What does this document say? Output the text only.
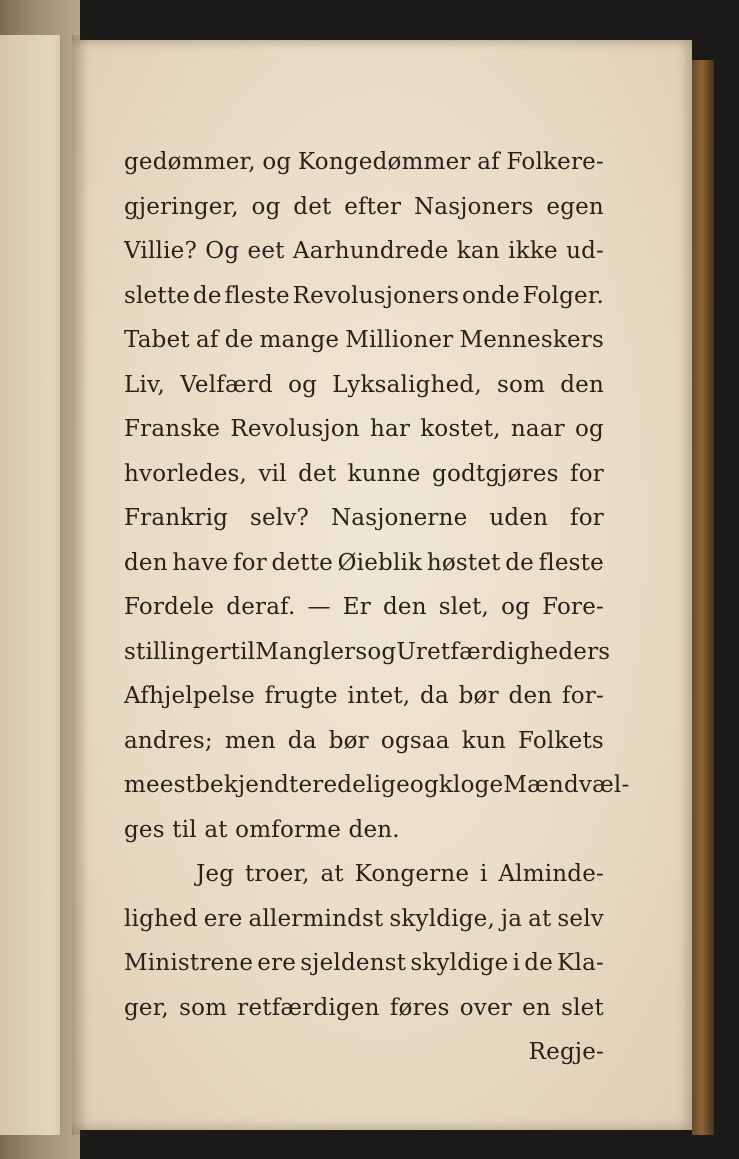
gedømmer, og Kongedømmer af Folkere-
gjeringer, og det efter Nasjoners egen
Villie? Og eet Aarhundrede kan ikke ud-
slette de fleste Revolusjoners onde Folger.
Tabet af de mange Millioner Menneskers
Liv, Velfærd og Lyksalighed, som den
Franske Revolusjon har kostet, naar og
hvorledes, vil det kunne godtgjøres for
Frankrig selv? Nasjonerne uden for
den have for dette Øieblik høstet de fleste
Fordele deraf. — Er den slet, og Fore-
stillinger til Manglers og Uretfærdigheders
Afhjelpelse frugte intet, da bør den for-
andres; men da bør ogsaa kun Folkets
meest bekjendte redelige og kloge Mænd væl-
ges til at omforme den.
Jeg troer, at Kongerne i Alminde-
lighed ere allermindst skyldige, ja at selv
Ministrene ere sjeldenst skyldige i de Kla-
ger, som retfærdigen føres over en slet
Regje-
